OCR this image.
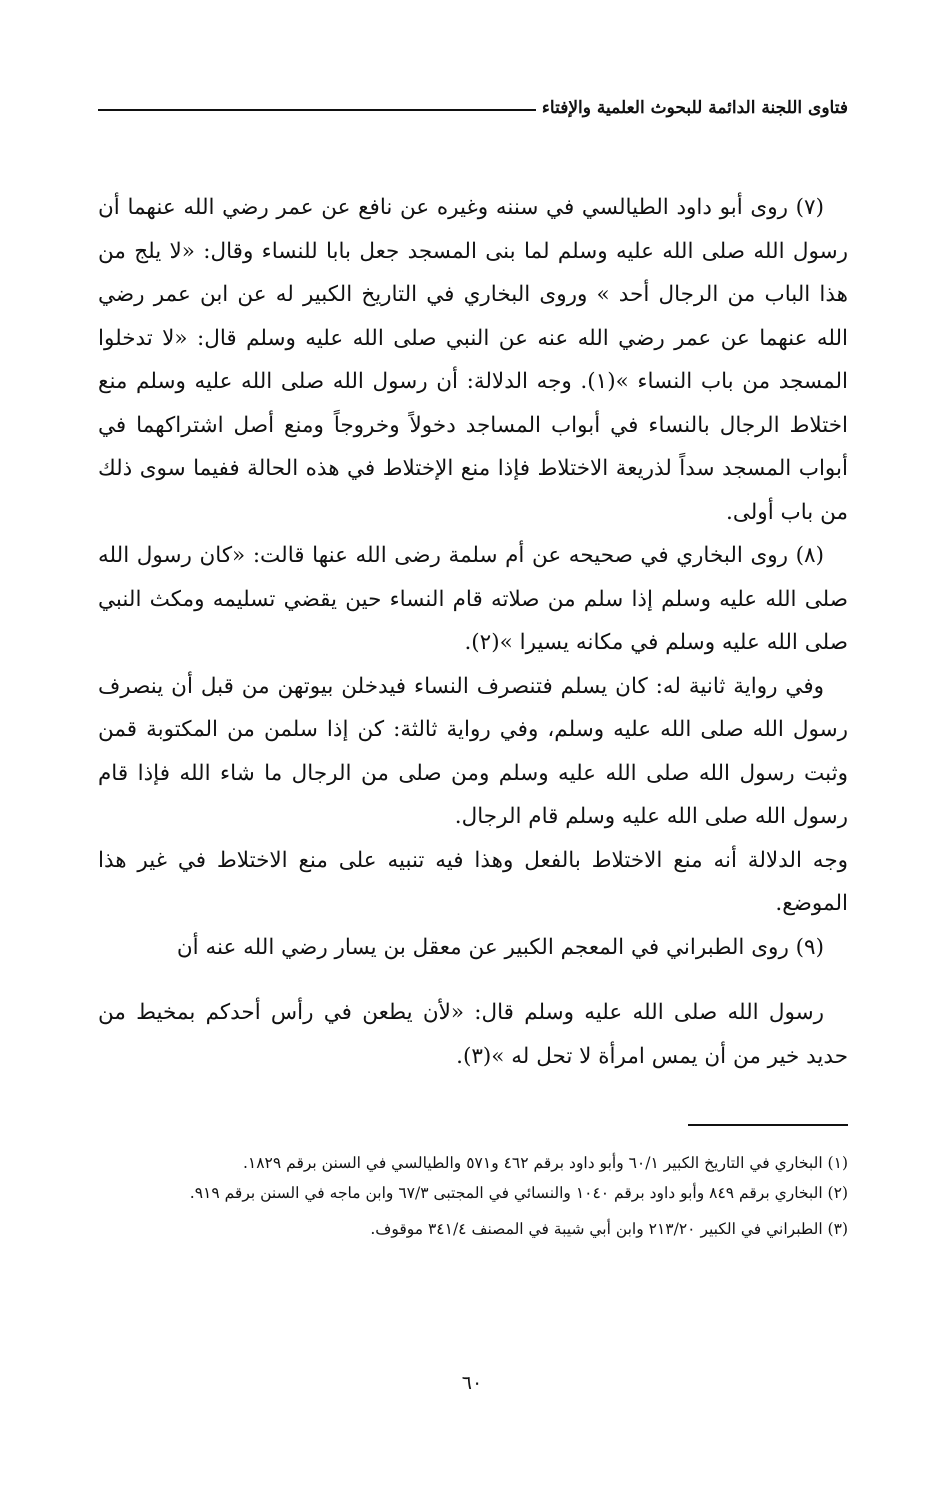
فتاوى اللجنة الدائمة للبحوث العلمية والإفتاء

(٧) روى أبو داود الطيالسي في سننه وغيره عن نافع عن عمر رضي الله عنهما أن رسول الله صلى الله عليه وسلم لما بنى المسجد جعل بابا للنساء وقال: «لا يلج من هذا الباب من الرجال أحد » وروى البخاري في التاريخ الكبير له عن ابن عمر رضي الله عنهما عن عمر رضي الله عنه عن النبي صلى الله عليه وسلم قال: «لا تدخلوا المسجد من باب النساء »(١). وجه الدلالة: أن رسول الله صلى الله عليه وسلم منع اختلاط الرجال بالنساء في أبواب المساجد دخولاً وخروجاً ومنع أصل اشتراكهما في أبواب المسجد سداً لذريعة الاختلاط فإذا منع الإختلاط في هذه الحالة ففيما سوى ذلك من باب أولى.

(٨) روى البخاري في صحيحه عن أم سلمة رضى الله عنها قالت: «كان رسول الله صلى الله عليه وسلم إذا سلم من صلاته قام النساء حين يقضي تسليمه ومكث النبي صلى الله عليه وسلم في مكانه يسيرا »(٢).

وفي رواية ثانية له: كان يسلم فتنصرف النساء فيدخلن بيوتهن من قبل أن ينصرف رسول الله صلى الله عليه وسلم، وفي رواية ثالثة: كن إذا سلمن من المكتوبة قمن وثبت رسول الله صلى الله عليه وسلم ومن صلى من الرجال ما شاء الله فإذا قام رسول الله صلى الله عليه وسلم قام الرجال.

وجه الدلالة أنه منع الاختلاط بالفعل وهذا فيه تنبيه على منع الاختلاط في غير هذا الموضع.

(٩) روى الطبراني في المعجم الكبير عن معقل بن يسار رضي الله عنه أن

رسول الله صلى الله عليه وسلم قال: «لأن يطعن في رأس أحدكم بمخيط من حديد خير من أن يمس امرأة لا تحل له »(٣).

(١) البخاري في التاريخ الكبير ٦٠/١ وأبو داود برقم ٤٦٢ و٥٧١ والطيالسي في السنن برقم ١٨٢٩.

(٢) البخاري برقم ٨٤٩ وأبو داود برقم ١٠٤٠ والنسائي في المجتبى ٦٧/٣ وابن ماجه في السنن برقم ٩١٩.

(٣) الطبراني في الكبير ٢١٣/٢٠ وابن أبي شيبة في المصنف ٣٤١/٤ موقوف.

٦٠
